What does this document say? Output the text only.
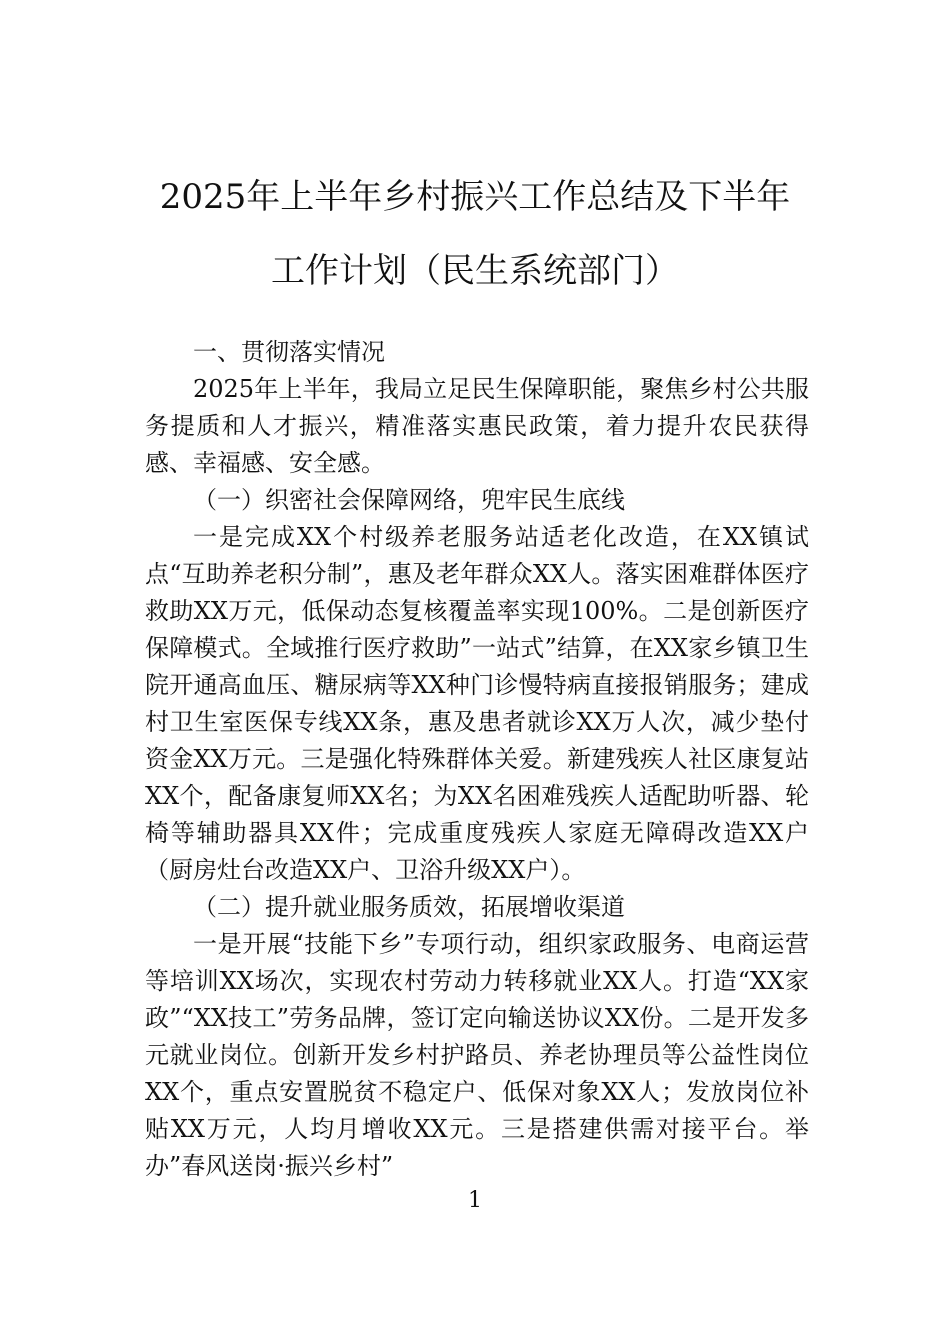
2025年上半年乡村振兴工作总结及下半年
工作计划（民生系统部门）

一、贯彻落实情况

2025年上半年，我局立足民生保障职能，聚焦乡村公共服务提质和人才振兴，精准落实惠民政策，着力提升农民获得感、幸福感、安全感。

（一）织密社会保障网络，兜牢民生底线

一是完成XX个村级养老服务站适老化改造，在XX镇试点“互助养老积分制”，惠及老年群众XX人。落实困难群体医疗救助XX万元，低保动态复核覆盖率实现100%。二是创新医疗保障模式。全域推行医疗救助”一站式”结算，在XX家乡镇卫生院开通高血压、糖尿病等XX种门诊慢特病直接报销服务；建成村卫生室医保专线XX条，惠及患者就诊XX万人次，减少垫付资金XX万元。三是强化特殊群体关爱。新建残疾人社区康复站XX个，配备康复师XX名；为XX名困难残疾人适配助听器、轮椅等辅助器具XX件；完成重度残疾人家庭无障碍改造XX户（厨房灶台改造XX户、卫浴升级XX户）。

（二）提升就业服务质效，拓展增收渠道

一是开展“技能下乡”专项行动，组织家政服务、电商运营等培训XX场次，实现农村劳动力转移就业XX人。打造“XX家政”“XX技工”劳务品牌，签订定向输送协议XX份。二是开发多元就业岗位。创新开发乡村护路员、养老协理员等公益性岗位XX个，重点安置脱贫不稳定户、低保对象XX人；发放岗位补贴XX万元，人均月增收XX元。三是搭建供需对接平台。举办”春风送岗·振兴乡村”

1
